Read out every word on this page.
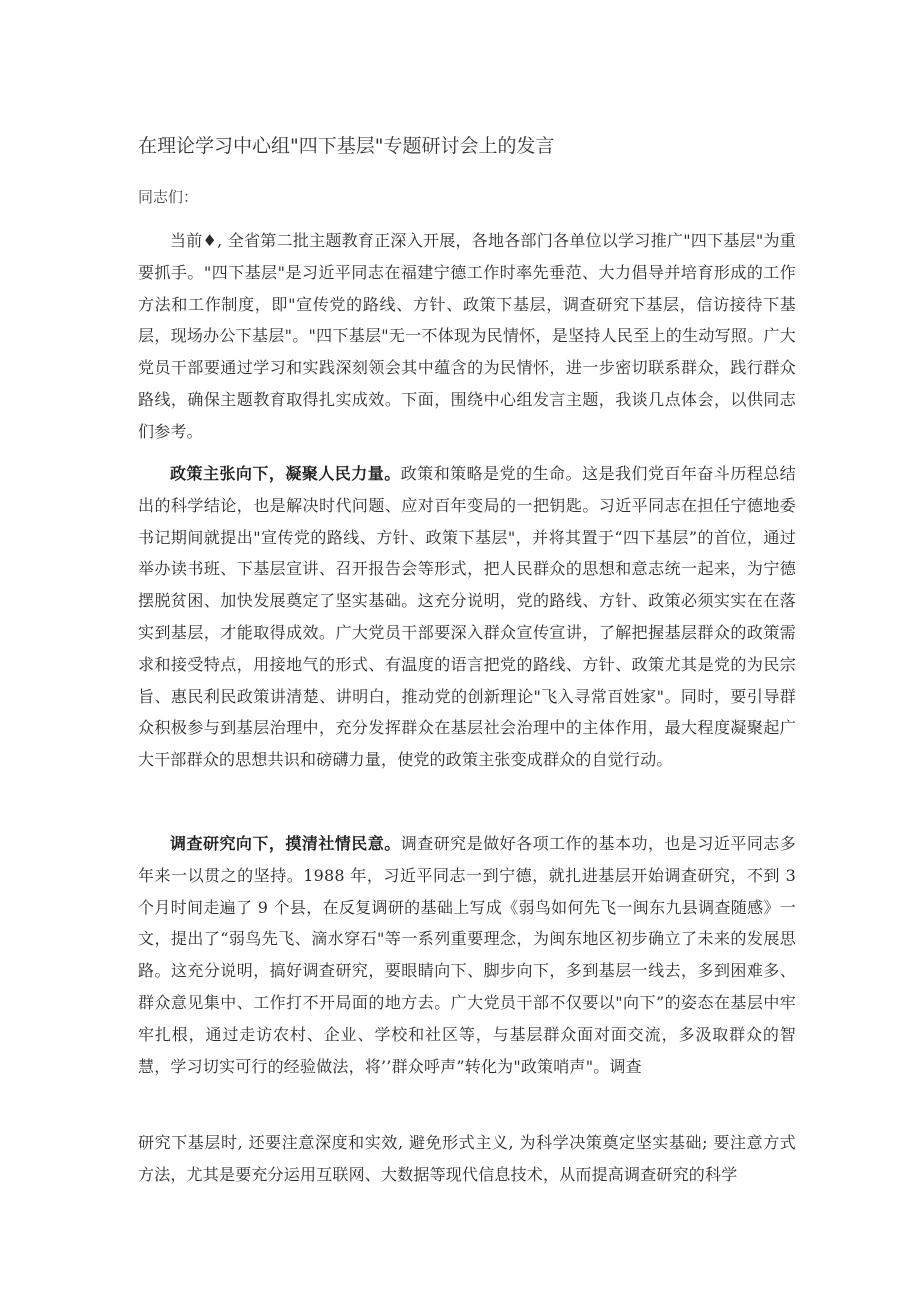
在理论学习中心组"四下基层"专题研讨会上的发言

同志们：

当前♦, 全省第二批主题教育正深入开展，各地各部门各单位以学习推广"四下基层"为重要抓手。"四下基层"是习近平同志在福建宁德工作时率先垂范、大力倡导并培育形成的工作方法和工作制度，即"宣传党的路线、方针、政策下基层，调查研究下基层，信访接待下基层，现场办公下基层"。"四下基层"无一不体现为民情怀，是坚持人民至上的生动写照。广大党员干部要通过学习和实践深刻领会其中蕴含的为民情怀，进一步密切联系群众，践行群众路线，确保主题教育取得扎实成效。下面，围绕中心组发言主题，我谈几点体会，以供同志们参考。

政策主张向下，凝聚人民力量。政策和策略是党的生命。这是我们党百年奋斗历程总结出的科学结论，也是解决时代问题、应对百年变局的一把钥匙。习近平同志在担任宁德地委书记期间就提出"宣传党的路线、方针、政策下基层"，并将其置于“四下基层”的首位，通过举办读书班、下基层宣讲、召开报告会等形式，把人民群众的思想和意志统一起来，为宁德摆脱贫困、加快发展奠定了坚实基础。这充分说明，党的路线、方针、政策必须实实在在落实到基层，才能取得成效。广大党员干部要深入群众宣传宣讲，了解把握基层群众的政策需求和接受特点，用接地气的形式、有温度的语言把党的路线、方针、政策尤其是党的为民宗旨、惠民利民政策讲清楚、讲明白，推动党的创新理论"飞入寻常百姓家"。同时，要引导群众积极参与到基层治理中，充分发挥群众在基层社会治理中的主体作用，最大程度凝聚起广大干部群众的思想共识和磅礴力量，使党的政策主张变成群众的自觉行动。

调查研究向下，摸清社情民意。调查研究是做好各项工作的基本功，也是习近平同志多年来一以贯之的坚持。1988 年，习近平同志一到宁德，就扎进基层开始调查研究，不到 3 个月时间走遍了 9 个县，在反复调研的基础上写成《弱鸟如何先飞一闽东九县调查随感》一文，提出了“弱鸟先飞、滴水穿石"等一系列重要理念，为闽东地区初步确立了未来的发展思路。这充分说明，搞好调查研究，要眼睛向下、脚步向下，多到基层一线去，多到困难多、群众意见集中、工作打不开局面的地方去。广大党员干部不仅要以"向下”的姿态在基层中牢牢扎根，通过走访农村、企业、学校和社区等，与基层群众面对面交流，多汲取群众的智慧，学习切实可行的经验做法，将’’群众呼声”转化为"政策哨声"。调查

研究下基层时, 还要注意深度和实效, 避免形式主义, 为科学决策奠定坚实基础; 要注意方式方法，尤其是要充分运用互联网、大数据等现代信息技术，从而提高调查研究的科学
